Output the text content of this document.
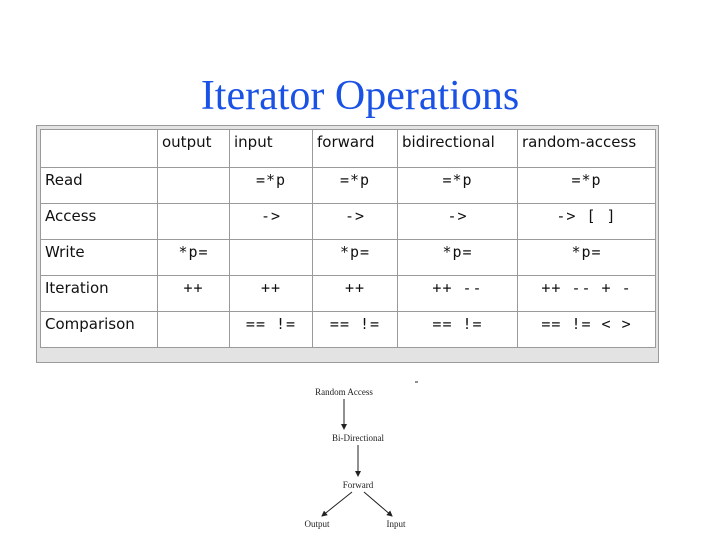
Iterator Operations
	output	input	forward	bidirectional	random-access
Read		=*p	=*p	=*p	=*p
Access		->	->	->	-> [ ]
Write	*p=		*p=	*p=	*p=
Iteration	++	++	++	++ --	++ -- + -
Comparison		== !=	== !=	== !=	== != < >
Random Access
Bi-Directional
Forward
Output	Input
